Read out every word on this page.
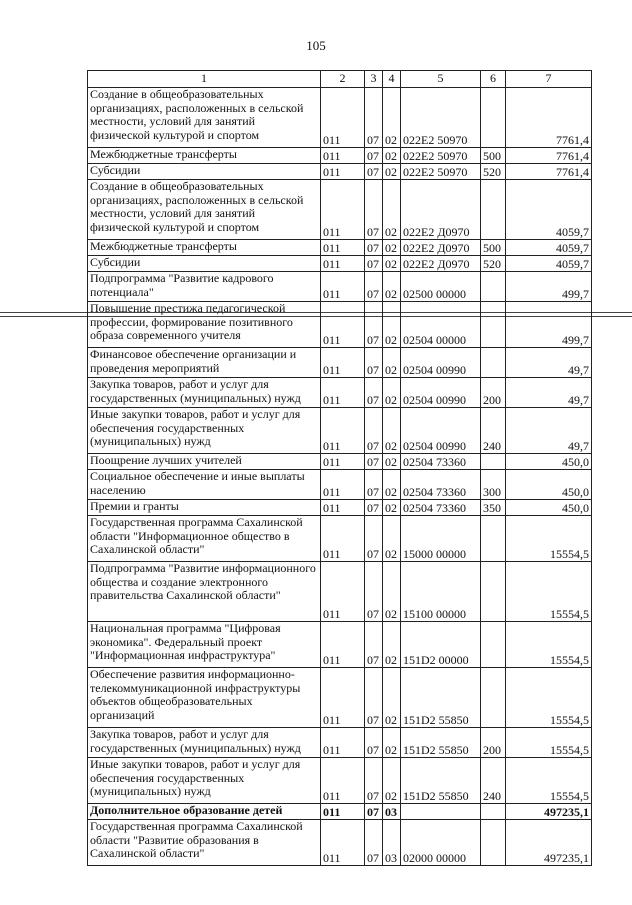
105
1	2	3	4	5	6	7
Создание в общеобразовательных организациях, расположенных в сельской местности, условий для занятий физической культурой и спортом	011	07	02	022Е2 50970		7761,4
Межбюджетные трансферты	011	07	02	022Е2 50970	500	7761,4
Субсидии	011	07	02	022Е2 50970	520	7761,4
Создание в общеобразовательных организациях, расположенных в сельской местности, условий для занятий физической культурой и спортом	011	07	02	022Е2 Д0970		4059,7
Межбюджетные трансферты	011	07	02	022Е2 Д0970	500	4059,7
Субсидии	011	07	02	022Е2 Д0970	520	4059,7
Подпрограмма "Развитие кадрового потенциала"	011	07	02	02500 00000		499,7
Повышение престижа педагогической профессии, формирование позитивного образа современного учителя	011	07	02	02504 00000		499,7
Финансовое обеспечение организации и проведения мероприятий	011	07	02	02504 00990		49,7
Закупка товаров, работ и услуг для государственных (муниципальных) нужд	011	07	02	02504 00990	200	49,7
Иные закупки товаров, работ и услуг для обеспечения государственных (муниципальных) нужд	011	07	02	02504 00990	240	49,7
Поощрение лучших учителей	011	07	02	02504 73360		450,0
Социальное обеспечение и иные выплаты населению	011	07	02	02504 73360	300	450,0
Премии и гранты	011	07	02	02504 73360	350	450,0
Государственная программа Сахалинской области "Информационное общество в Сахалинской области"	011	07	02	15000 00000		15554,5
Подпрограмма "Развитие информационного общества и создание электронного правительства Сахалинской области"	011	07	02	15100 00000		15554,5
Национальная программа "Цифровая экономика". Федеральный проект "Информационная инфраструктура"	011	07	02	151D2 00000		15554,5
Обеспечение развития информационно-телекоммуникационной инфраструктуры объектов общеобразовательных организаций	011	07	02	151D2 55850		15554,5
Закупка товаров, работ и услуг для государственных (муниципальных) нужд	011	07	02	151D2 55850	200	15554,5
Иные закупки товаров, работ и услуг для обеспечения государственных (муниципальных) нужд	011	07	02	151D2 55850	240	15554,5
Дополнительное образование детей	011	07	03			497235,1
Государственная программа Сахалинской области "Развитие образования в Сахалинской области"	011	07	03	02000 00000		497235,1
